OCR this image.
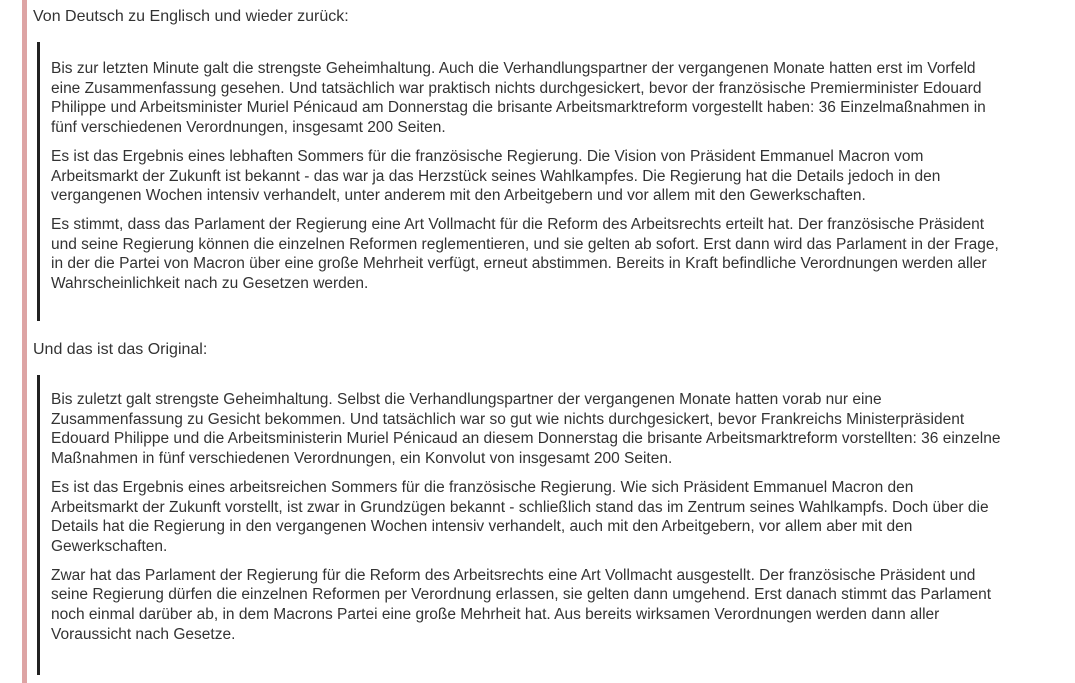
Von Deutsch zu Englisch und wieder zurück:

Bis zur letzten Minute galt die strengste Geheimhaltung. Auch die Verhandlungspartner der vergangenen Monate hatten erst im Vorfeld eine Zusammenfassung gesehen. Und tatsächlich war praktisch nichts durchgesickert, bevor der französische Premierminister Edouard Philippe und Arbeitsminister Muriel Pénicaud am Donnerstag die brisante Arbeitsmarktreform vorgestellt haben: 36 Einzelmaßnahmen in fünf verschiedenen Verordnungen, insgesamt 200 Seiten.

Es ist das Ergebnis eines lebhaften Sommers für die französische Regierung. Die Vision von Präsident Emmanuel Macron vom Arbeitsmarkt der Zukunft ist bekannt - das war ja das Herzstück seines Wahlkampfes. Die Regierung hat die Details jedoch in den vergangenen Wochen intensiv verhandelt, unter anderem mit den Arbeitgebern und vor allem mit den Gewerkschaften.

Es stimmt, dass das Parlament der Regierung eine Art Vollmacht für die Reform des Arbeitsrechts erteilt hat. Der französische Präsident und seine Regierung können die einzelnen Reformen reglementieren, und sie gelten ab sofort. Erst dann wird das Parlament in der Frage, in der die Partei von Macron über eine große Mehrheit verfügt, erneut abstimmen. Bereits in Kraft befindliche Verordnungen werden aller Wahrscheinlichkeit nach zu Gesetzen werden.

Und das ist das Original:

Bis zuletzt galt strengste Geheimhaltung. Selbst die Verhandlungspartner der vergangenen Monate hatten vorab nur eine Zusammenfassung zu Gesicht bekommen. Und tatsächlich war so gut wie nichts durchgesickert, bevor Frankreichs Ministerpräsident Edouard Philippe und die Arbeitsministerin Muriel Pénicaud an diesem Donnerstag die brisante Arbeitsmarktreform vorstellten: 36 einzelne Maßnahmen in fünf verschiedenen Verordnungen, ein Konvolut von insgesamt 200 Seiten.

Es ist das Ergebnis eines arbeitsreichen Sommers für die französische Regierung. Wie sich Präsident Emmanuel Macron den Arbeitsmarkt der Zukunft vorstellt, ist zwar in Grundzügen bekannt - schließlich stand das im Zentrum seines Wahlkampfs. Doch über die Details hat die Regierung in den vergangenen Wochen intensiv verhandelt, auch mit den Arbeitgebern, vor allem aber mit den Gewerkschaften.

Zwar hat das Parlament der Regierung für die Reform des Arbeitsrechts eine Art Vollmacht ausgestellt. Der französische Präsident und seine Regierung dürfen die einzelnen Reformen per Verordnung erlassen, sie gelten dann umgehend. Erst danach stimmt das Parlament noch einmal darüber ab, in dem Macrons Partei eine große Mehrheit hat. Aus bereits wirksamen Verordnungen werden dann aller Voraussicht nach Gesetze.
